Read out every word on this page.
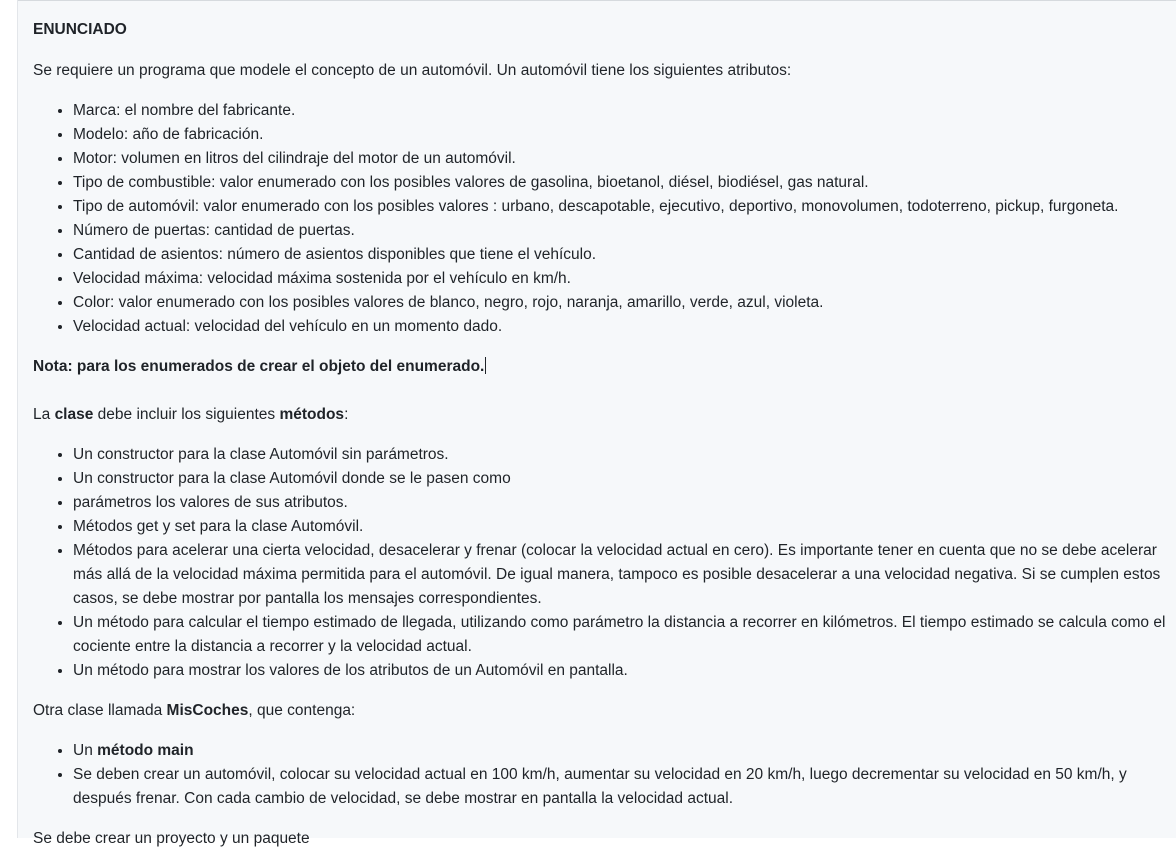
ENUNCIADO

Se requiere un programa que modele el concepto de un automóvil. Un automóvil tiene los siguientes atributos:

• Marca: el nombre del fabricante.
• Modelo: año de fabricación.
• Motor: volumen en litros del cilindraje del motor de un automóvil.
• Tipo de combustible: valor enumerado con los posibles valores de gasolina, bioetanol, diésel, biodiésel, gas natural.
• Tipo de automóvil: valor enumerado con los posibles valores : urbano, descapotable, ejecutivo, deportivo, monovolumen, todoterreno, pickup, furgoneta.
• Número de puertas: cantidad de puertas.
• Cantidad de asientos: número de asientos disponibles que tiene el vehículo.
• Velocidad máxima: velocidad máxima sostenida por el vehículo en km/h.
• Color: valor enumerado con los posibles valores de blanco, negro, rojo, naranja, amarillo, verde, azul, violeta.
• Velocidad actual: velocidad del vehículo en un momento dado.

Nota: para los enumerados de crear el objeto del enumerado.

La clase debe incluir los siguientes métodos:

• Un constructor para la clase Automóvil sin parámetros.
• Un constructor para la clase Automóvil donde se le pasen como
• parámetros los valores de sus atributos.
• Métodos get y set para la clase Automóvil.
• Métodos para acelerar una cierta velocidad, desacelerar y frenar (colocar la velocidad actual en cero). Es importante tener en cuenta que no se debe acelerar más allá de la velocidad máxima permitida para el automóvil. De igual manera, tampoco es posible desacelerar a una velocidad negativa. Si se cumplen estos casos, se debe mostrar por pantalla los mensajes correspondientes.
• Un método para calcular el tiempo estimado de llegada, utilizando como parámetro la distancia a recorrer en kilómetros. El tiempo estimado se calcula como el cociente entre la distancia a recorrer y la velocidad actual.
• Un método para mostrar los valores de los atributos de un Automóvil en pantalla.

Otra clase llamada MisCoches, que contenga:

• Un método main
• Se deben crear un automóvil, colocar su velocidad actual en 100 km/h, aumentar su velocidad en 20 km/h, luego decrementar su velocidad en 50 km/h, y después frenar. Con cada cambio de velocidad, se debe mostrar en pantalla la velocidad actual.

Se debe crear un proyecto y un paquete
